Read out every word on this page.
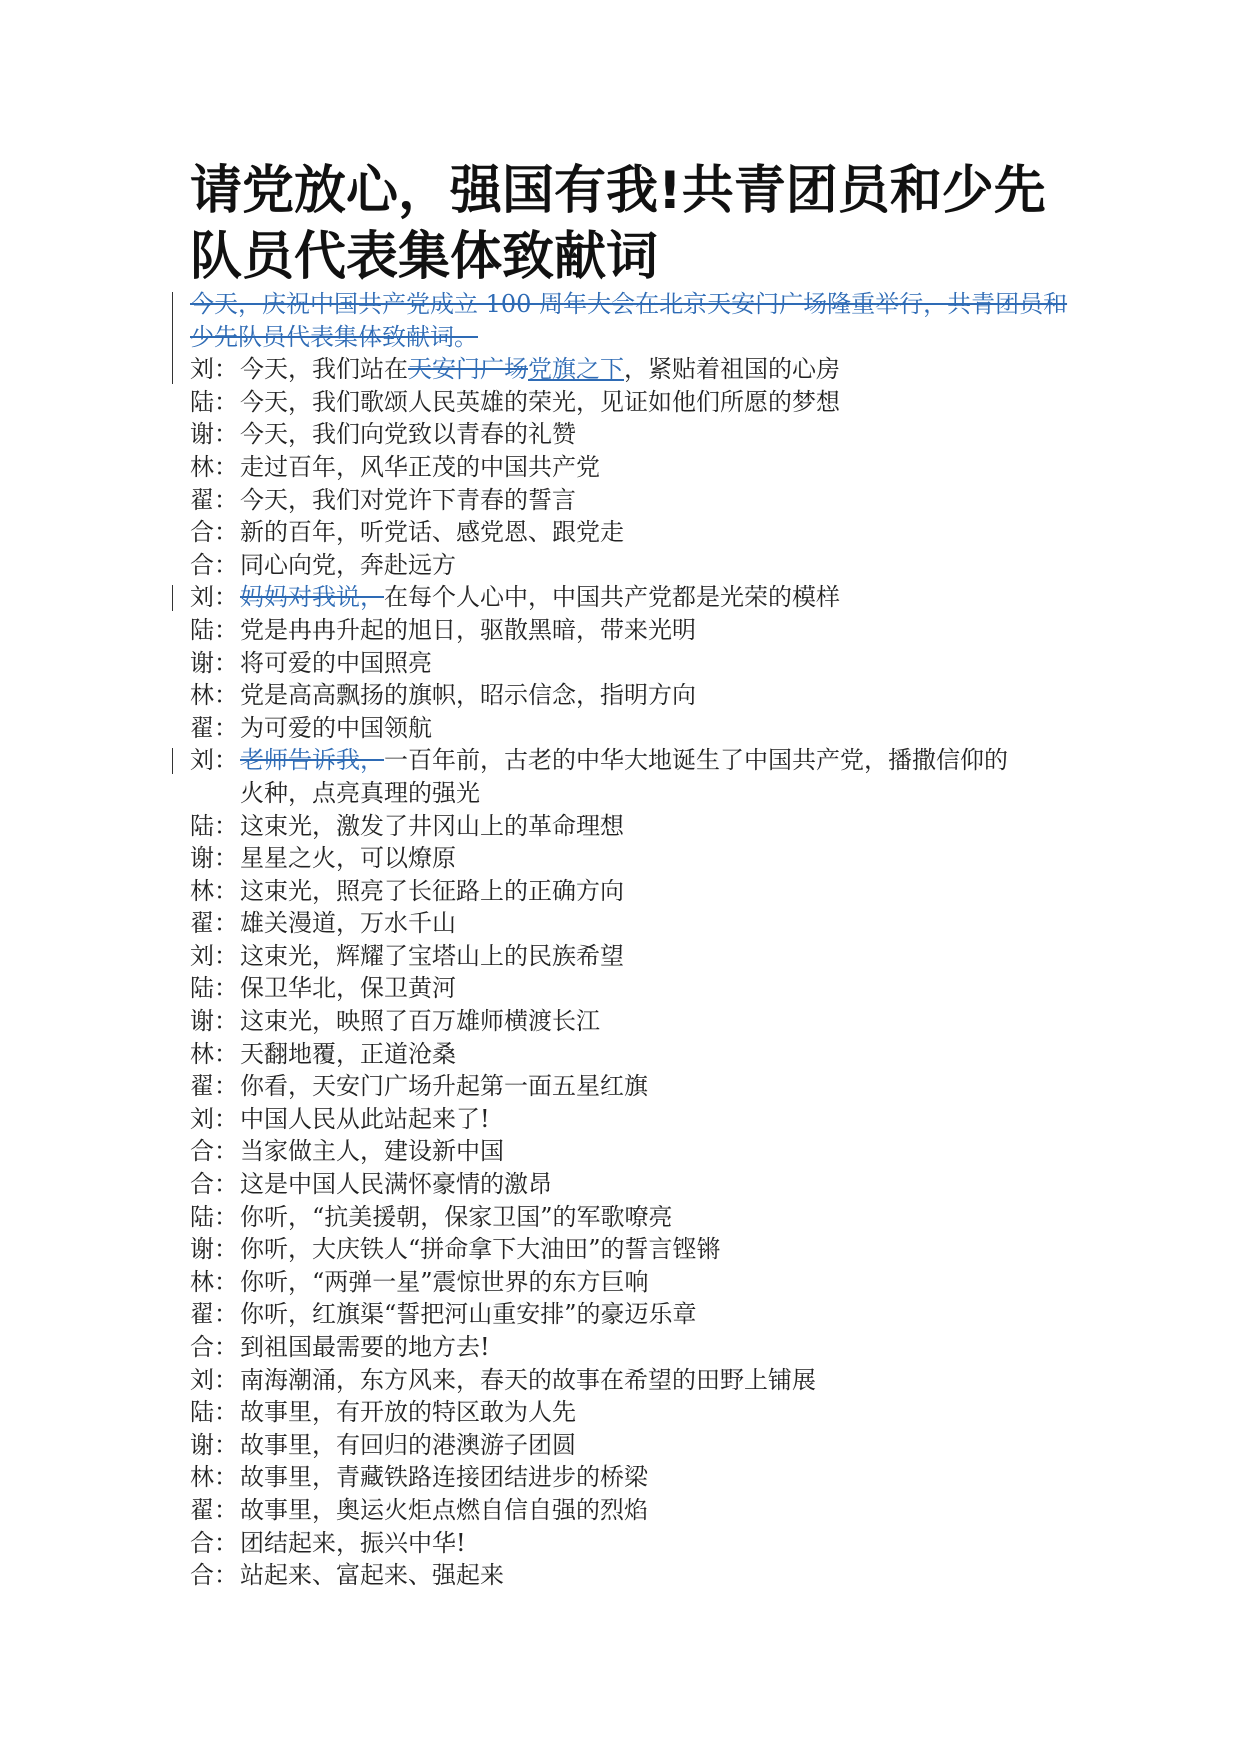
请党放心，强国有我!共青团员和少先队员代表集体致献词
今天，庆祝中国共产党成立 100 周年大会在北京天安门广场隆重举行，共青团员和少先队员代表集体致献词。
刘：今天，我们站在天安门广场党旗之下，紧贴着祖国的心房
陆：今天，我们歌颂人民英雄的荣光，见证如他们所愿的梦想
谢：今天，我们向党致以青春的礼赞
林：走过百年，风华正茂的中国共产党
翟：今天，我们对党许下青春的誓言
合：新的百年，听党话、感党恩、跟党走
合：同心向党，奔赴远方
刘：妈妈对我说，在每个人心中，中国共产党都是光荣的模样
陆：党是冉冉升起的旭日，驱散黑暗，带来光明
谢：将可爱的中国照亮
林：党是高高飘扬的旗帜，昭示信念，指明方向
翟：为可爱的中国领航
刘：老师告诉我，一百年前，古老的中华大地诞生了中国共产党，播撒信仰的
火种，点亮真理的强光
陆：这束光，激发了井冈山上的革命理想
谢：星星之火，可以燎原
林：这束光，照亮了长征路上的正确方向
翟：雄关漫道，万水千山
刘：这束光，辉耀了宝塔山上的民族希望
陆：保卫华北，保卫黄河
谢：这束光，映照了百万雄师横渡长江
林：天翻地覆，正道沧桑
翟：你看，天安门广场升起第一面五星红旗
刘：中国人民从此站起来了!
合：当家做主人，建设新中国
合：这是中国人民满怀豪情的激昂
陆：你听，“抗美援朝，保家卫国”的军歌嘹亮
谢：你听，大庆铁人“拼命拿下大油田”的誓言铿锵
林：你听，“两弹一星”震惊世界的东方巨响
翟：你听，红旗渠“誓把河山重安排”的豪迈乐章
合：到祖国最需要的地方去!
刘：南海潮涌，东方风来，春天的故事在希望的田野上铺展
陆：故事里，有开放的特区敢为人先
谢：故事里，有回归的港澳游子团圆
林：故事里，青藏铁路连接团结进步的桥梁
翟：故事里，奥运火炬点燃自信自强的烈焰
合：团结起来，振兴中华!
合：站起来、富起来、强起来
